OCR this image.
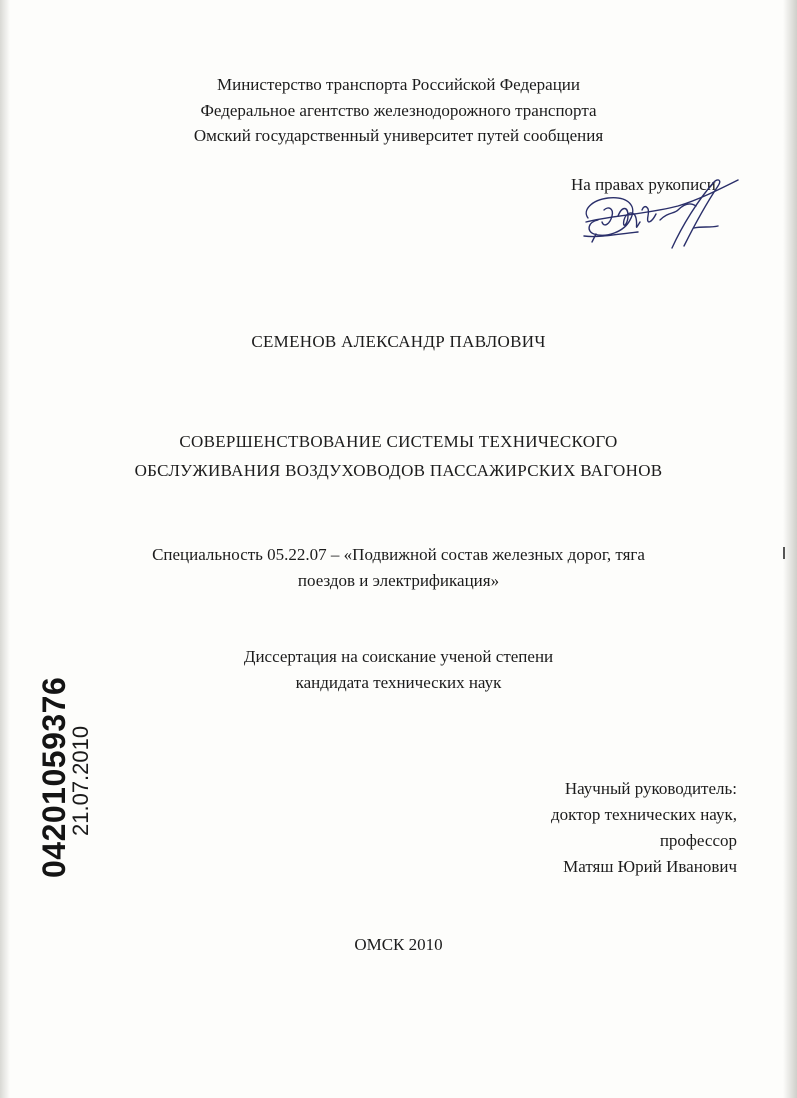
Министерство транспорта Российской Федерации
Федеральное агентство железнодорожного транспорта
Омский государственный университет путей сообщения
На правах рукописи
СЕМЕНОВ АЛЕКСАНДР ПАВЛОВИЧ
СОВЕРШЕНСТВОВАНИЕ СИСТЕМЫ ТЕХНИЧЕСКОГО
ОБСЛУЖИВАНИЯ ВОЗДУХОВОДОВ ПАССАЖИРСКИХ ВАГОНОВ
Специальность 05.22.07 – «Подвижной состав железных дорог, тяга
поездов и электрификация»
Диссертация на соискание ученой степени
кандидата технических наук
Научный руководитель:
доктор технических наук,
профессор
Матяш Юрий Иванович
ОМСК 2010
04201059376
21.07.2010
